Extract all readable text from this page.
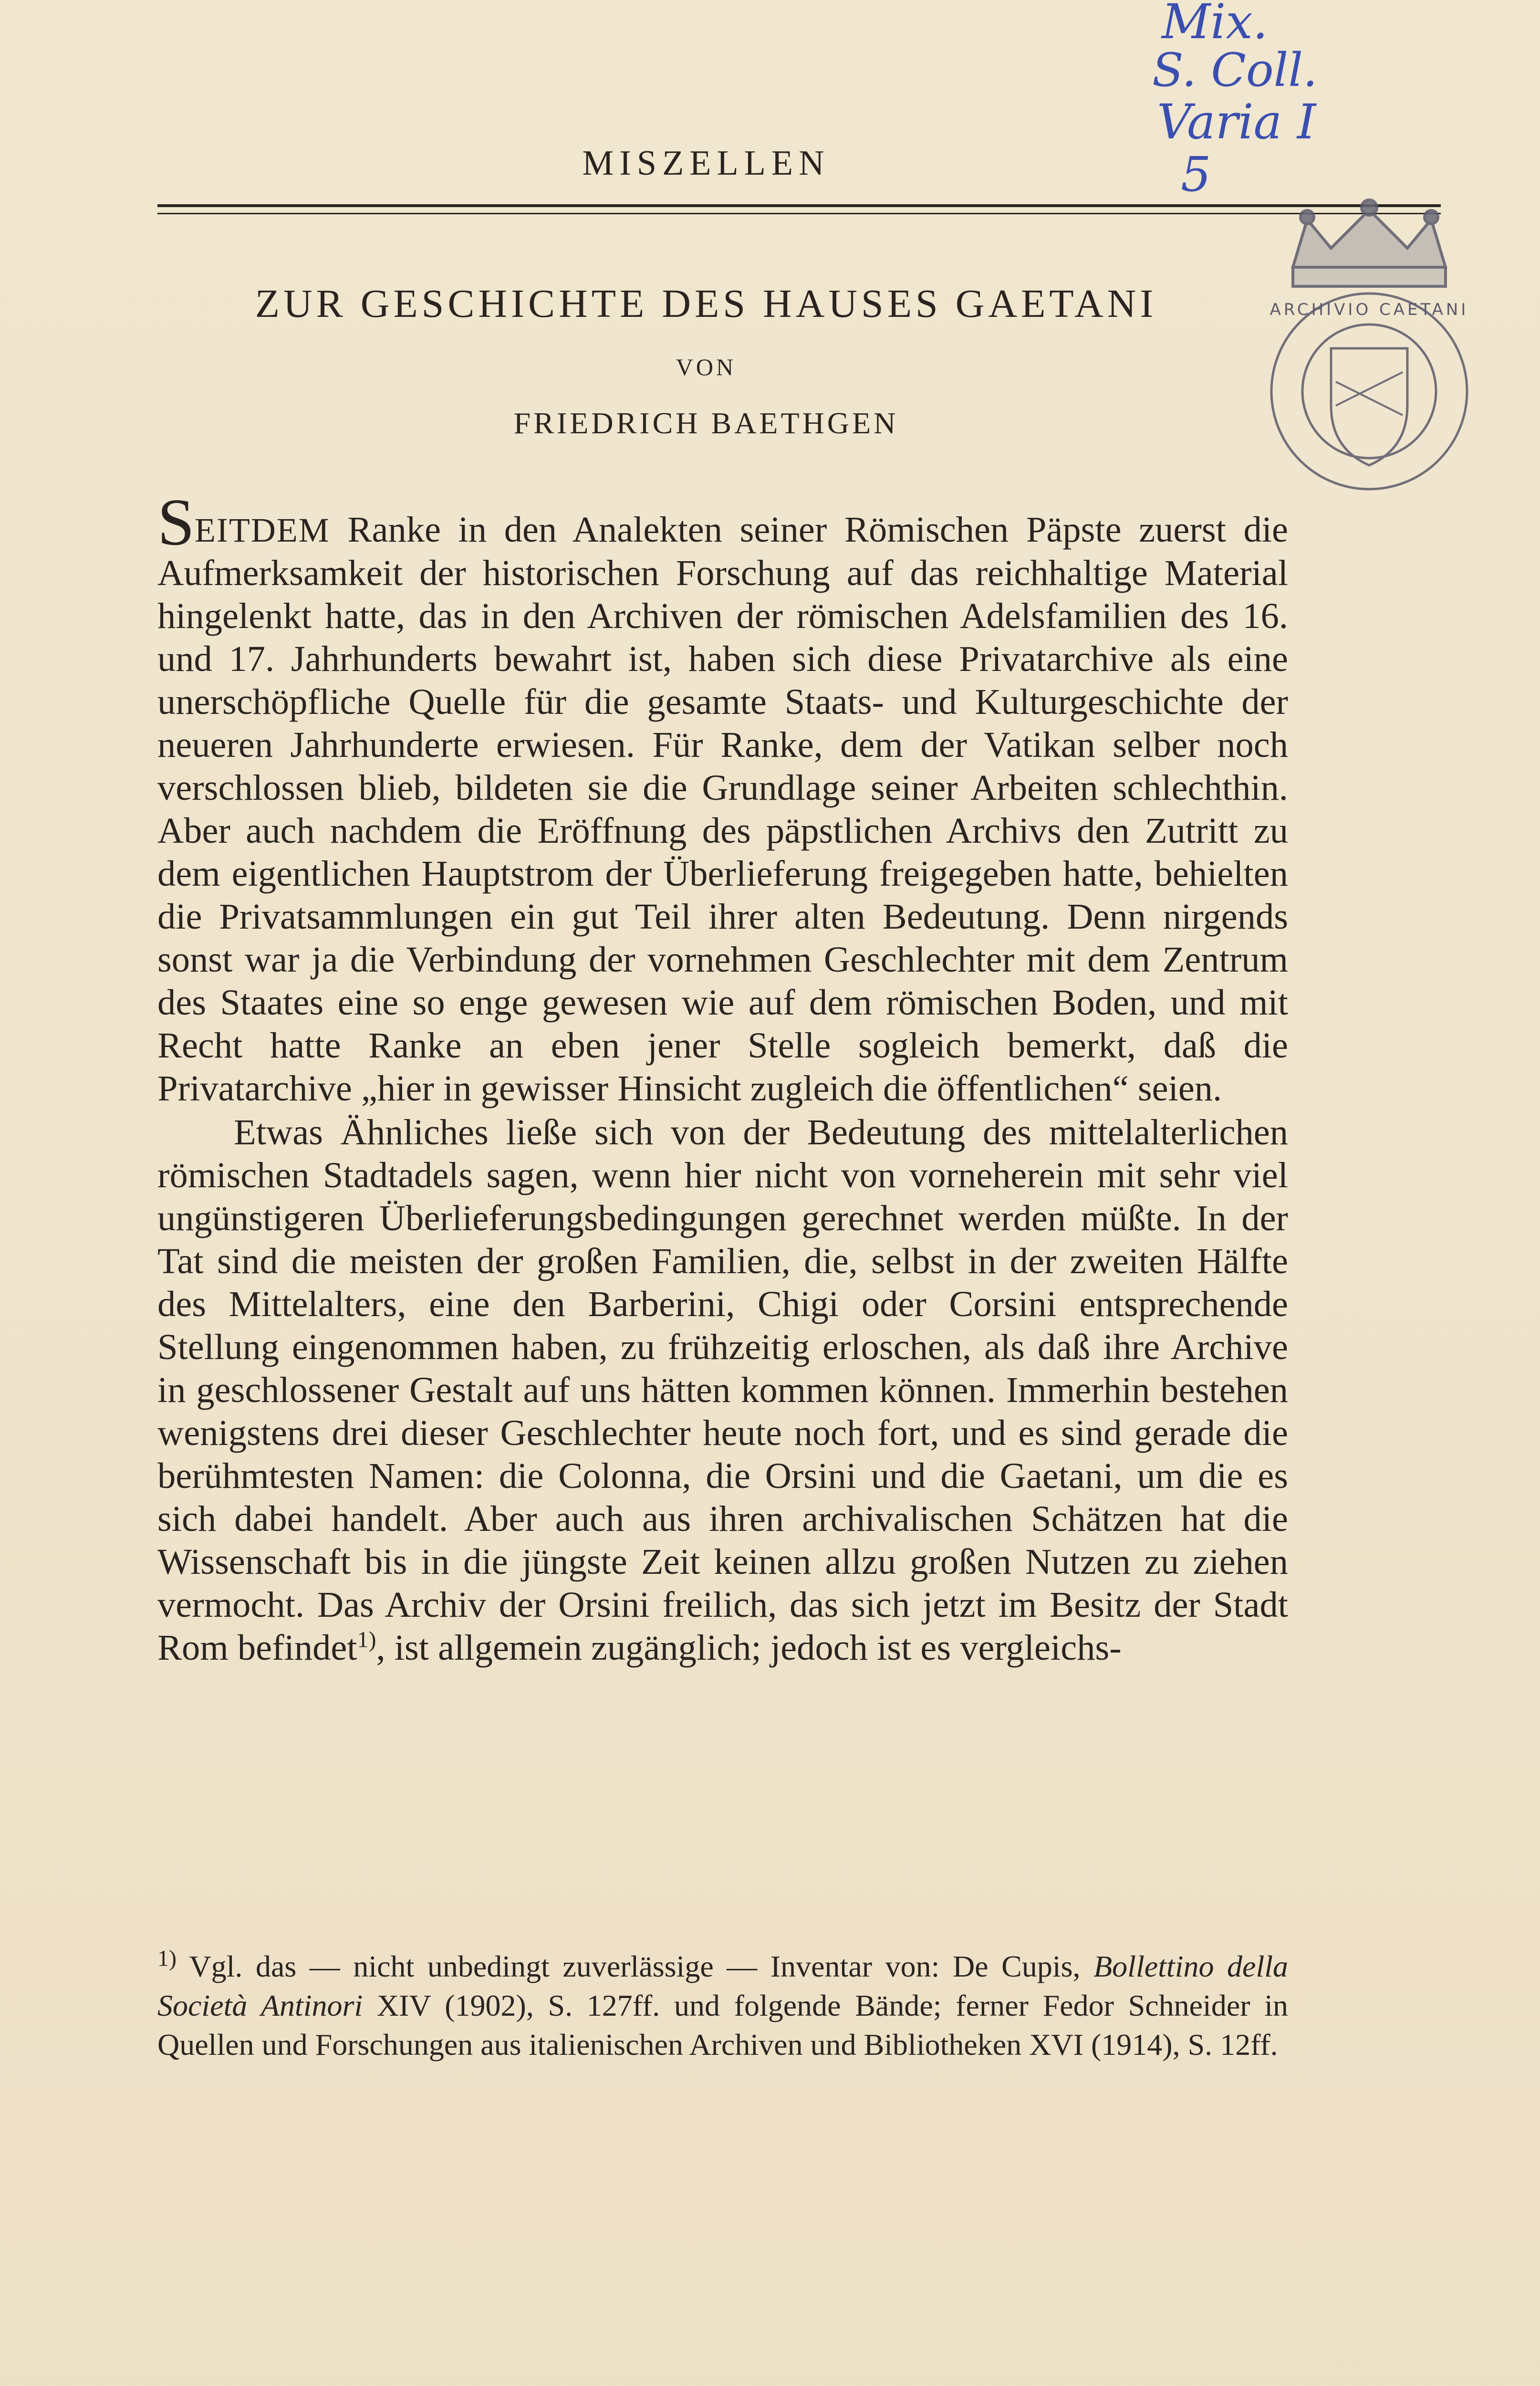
MISZELLEN
Mix.
S. Coll.
Varia I
5
ARCHIVIO CAETANI
ZUR GESCHICHTE DES HAUSES GAETANI
VON
FRIEDRICH BAETHGEN

SEITDEM Ranke in den Analekten seiner Römischen Päpste zuerst die Aufmerksamkeit der historischen Forschung auf das reichhaltige Material hingelenkt hatte, das in den Archiven der römischen Adelsfamilien des 16. und 17. Jahrhunderts bewahrt ist, haben sich diese Privatarchive als eine unerschöpfliche Quelle für die gesamte Staats- und Kulturgeschichte der neueren Jahrhunderte erwiesen. Für Ranke, dem der Vatikan selber noch verschlossen blieb, bildeten sie die Grundlage seiner Arbeiten schlechthin. Aber auch nachdem die Eröffnung des päpstlichen Archivs den Zutritt zu dem eigentlichen Hauptstrom der Überlieferung freigegeben hatte, behielten die Privatsammlungen ein gut Teil ihrer alten Bedeutung. Denn nirgends sonst war ja die Verbindung der vornehmen Geschlechter mit dem Zentrum des Staates eine so enge gewesen wie auf dem römischen Boden, und mit Recht hatte Ranke an eben jener Stelle sogleich bemerkt, daß die Privatarchive „hier in gewisser Hinsicht zugleich die öffentlichen“ seien.

Etwas Ähnliches ließe sich von der Bedeutung des mittelalterlichen römischen Stadtadels sagen, wenn hier nicht von vorneherein mit sehr viel ungünstigeren Überlieferungsbedingungen gerechnet werden müßte. In der Tat sind die meisten der großen Familien, die, selbst in der zweiten Hälfte des Mittelalters, eine den Barberini, Chigi oder Corsini entsprechende Stellung eingenommen haben, zu frühzeitig erloschen, als daß ihre Archive in geschlossener Gestalt auf uns hätten kommen können. Immerhin bestehen wenigstens drei dieser Geschlechter heute noch fort, und es sind gerade die berühmtesten Namen: die Colonna, die Orsini und die Gaetani, um die es sich dabei handelt. Aber auch aus ihren archivalischen Schätzen hat die Wissenschaft bis in die jüngste Zeit keinen allzu großen Nutzen zu ziehen vermocht. Das Archiv der Orsini freilich, das sich jetzt im Besitz der Stadt Rom befindet$^{1)}$, ist allgemein zugänglich; jedoch ist es vergleichs-

$^{1)}$ Vgl. das — nicht unbedingt zuverlässige — Inventar von: De Cupis, Bollettino della Società Antinori XIV (1902), S. 127ff. und folgende Bände; ferner Fedor Schneider in Quellen und Forschungen aus italienischen Archiven und Bibliotheken XVI (1914), S. 12ff.
